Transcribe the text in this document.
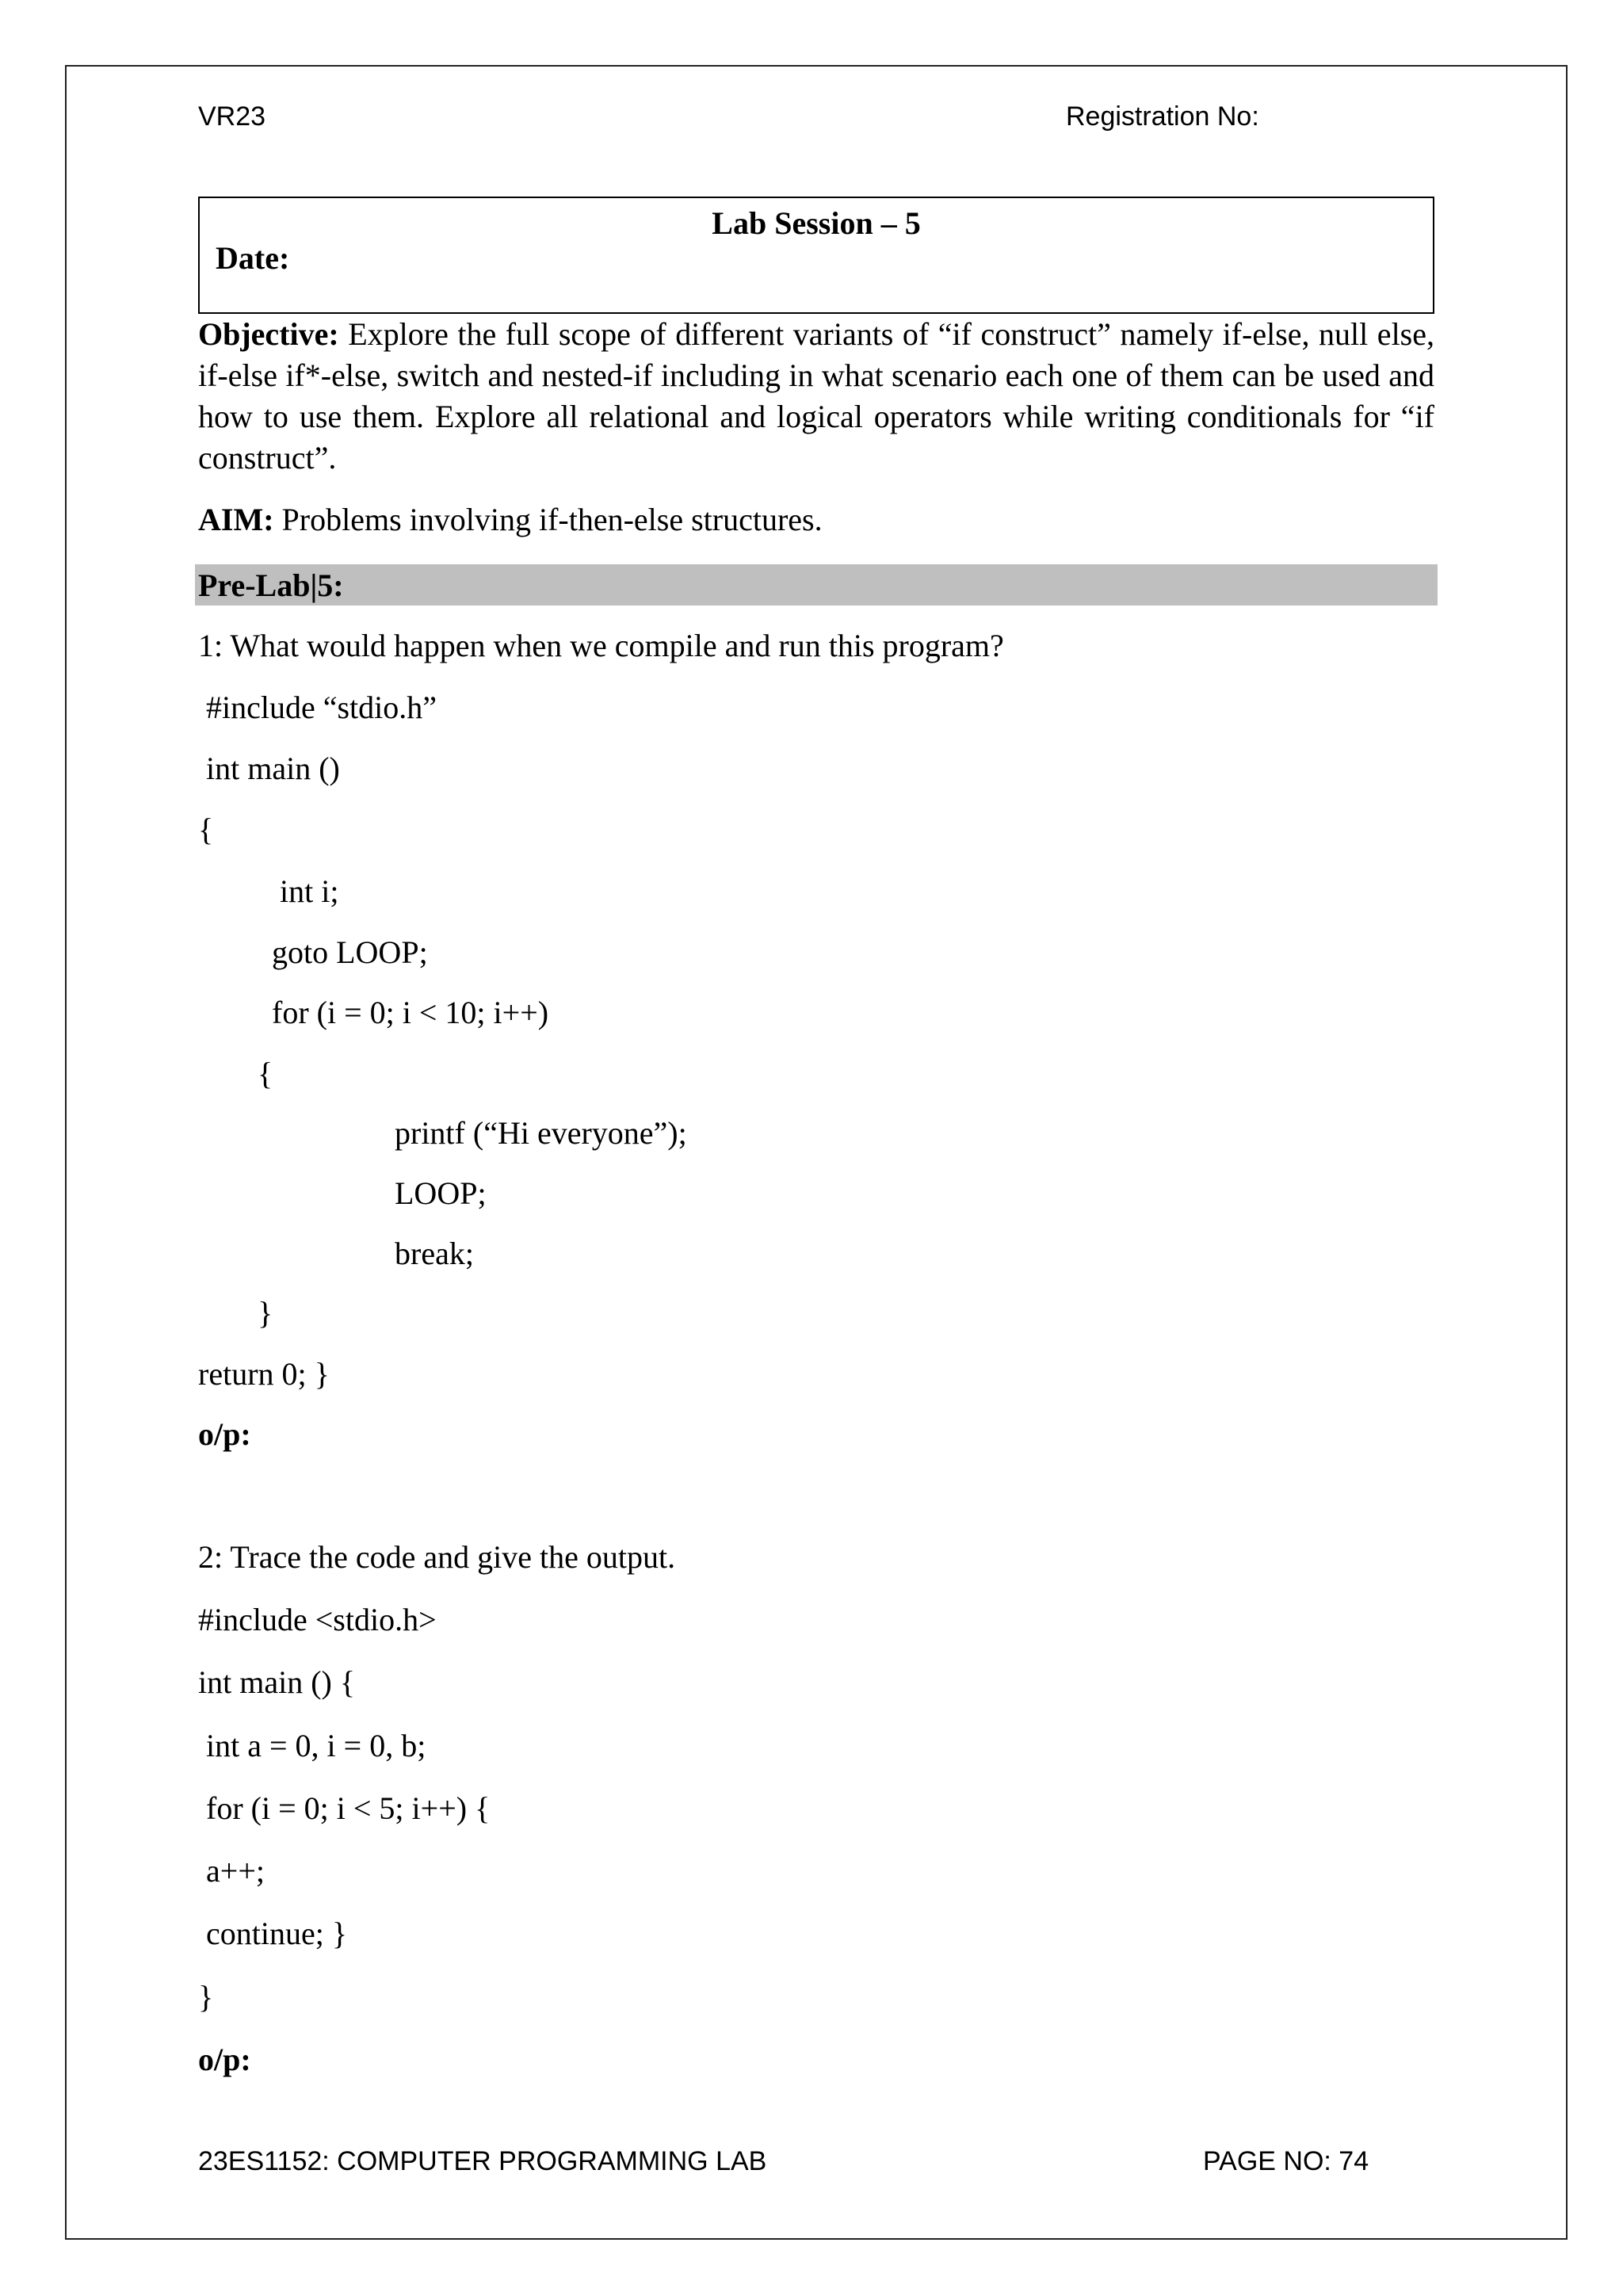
VR23	Registration No:
Lab Session – 5
Date:
Objective: Explore the full scope of different variants of “if construct” namely if-else, null else, if-else if*-else, switch and nested-if including in what scenario each one of them can be used and how to use them. Explore all relational and logical operators while writing conditionals for “if construct”.
AIM: Problems involving if-then-else structures.
Pre-Lab|5:
1: What would happen when we compile and run this program?
#include “stdio.h”
int main ()
{
int i;
goto LOOP;
for (i = 0; i < 10; i++)
{
printf (“Hi everyone”);
LOOP;
break;
}
return 0; }
o/p:
2: Trace the code and give the output.
#include <stdio.h>
int main () {
int a = 0, i = 0, b;
for (i = 0; i < 5; i++) {
a++;
continue; }
}
o/p:
23ES1152: COMPUTER PROGRAMMING LAB	PAGE NO: 74
